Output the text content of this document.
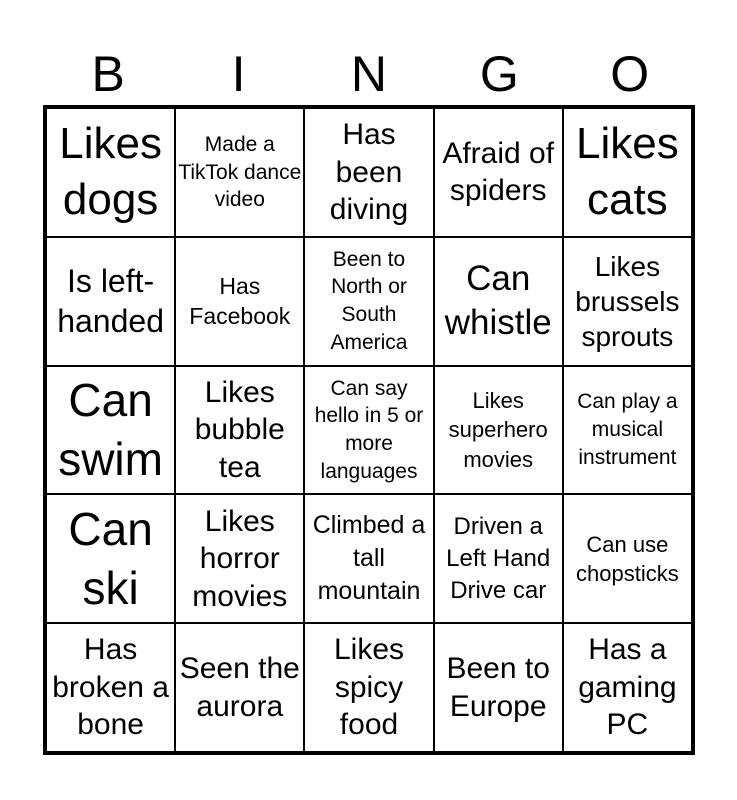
B	I	N	G	O
Likes dogs
Made a TikTok dance video
Has been diving
Afraid of spiders
Likes cats
Is left-handed
Has Facebook
Been to North or South America
Can whistle
Likes brussels sprouts
Can swim
Likes bubble tea
Can say hello in 5 or more languages
Likes superhero movies
Can play a musical instrument
Can ski
Likes horror movies
Climbed a tall mountain
Driven a Left Hand Drive car
Can use chopsticks
Has broken a bone
Seen the aurora
Likes spicy food
Been to Europe
Has a gaming PC
